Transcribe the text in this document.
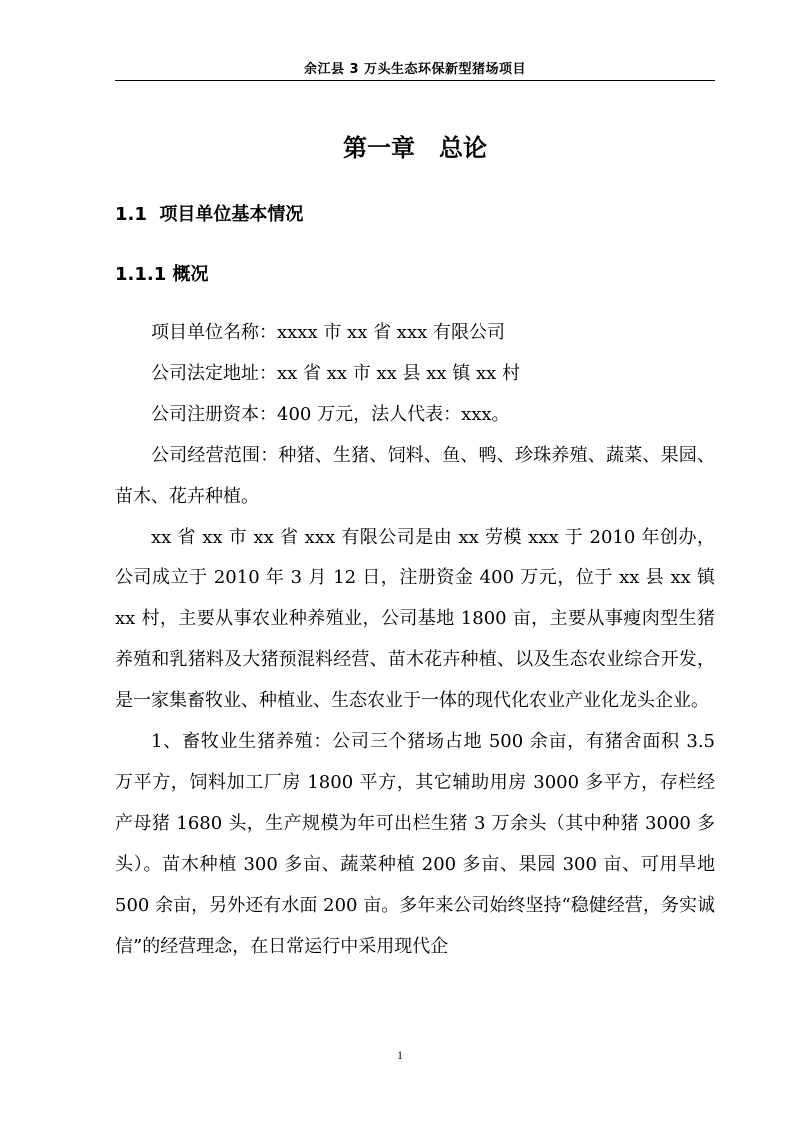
余江县 3 万头生态环保新型猪场项目
第一章　总论
1.1  项目单位基本情况
1.1.1 概况

项目单位名称：xxxx 市 xx 省 xxx 有限公司

公司法定地址：xx 省 xx 市 xx 县 xx 镇 xx 村

公司注册资本：400 万元，法人代表：xxx。

公司经营范围：种猪、生猪、饲料、鱼、鸭、珍珠养殖、蔬菜、果园、苗木、花卉种植。

xx 省 xx 市 xx 省 xxx 有限公司是由 xx 劳模 xxx 于 2010 年创办，公司成立于 2010 年 3 月 12 日，注册资金 400 万元，位于 xx 县 xx 镇 xx 村，主要从事农业种养殖业，公司基地 1800 亩，主要从事瘦肉型生猪养殖和乳猪料及大猪预混料经营、苗木花卉种植、以及生态农业综合开发，是一家集畜牧业、种植业、生态农业于一体的现代化农业产业化龙头企业。

1、畜牧业生猪养殖：公司三个猪场占地 500 余亩，有猪舍面积 3.5 万平方，饲料加工厂房 1800 平方，其它辅助用房 3000 多平方，存栏经产母猪 1680 头，生产规模为年可出栏生猪 3 万余头（其中种猪 3000 多头）。苗木种植 300 多亩、蔬菜种植 200 多亩、果园 300 亩、可用旱地 500 余亩，另外还有水面 200 亩。多年来公司始终坚持“稳健经营，务实诚信”的经营理念，在日常运行中采用现代企

1
